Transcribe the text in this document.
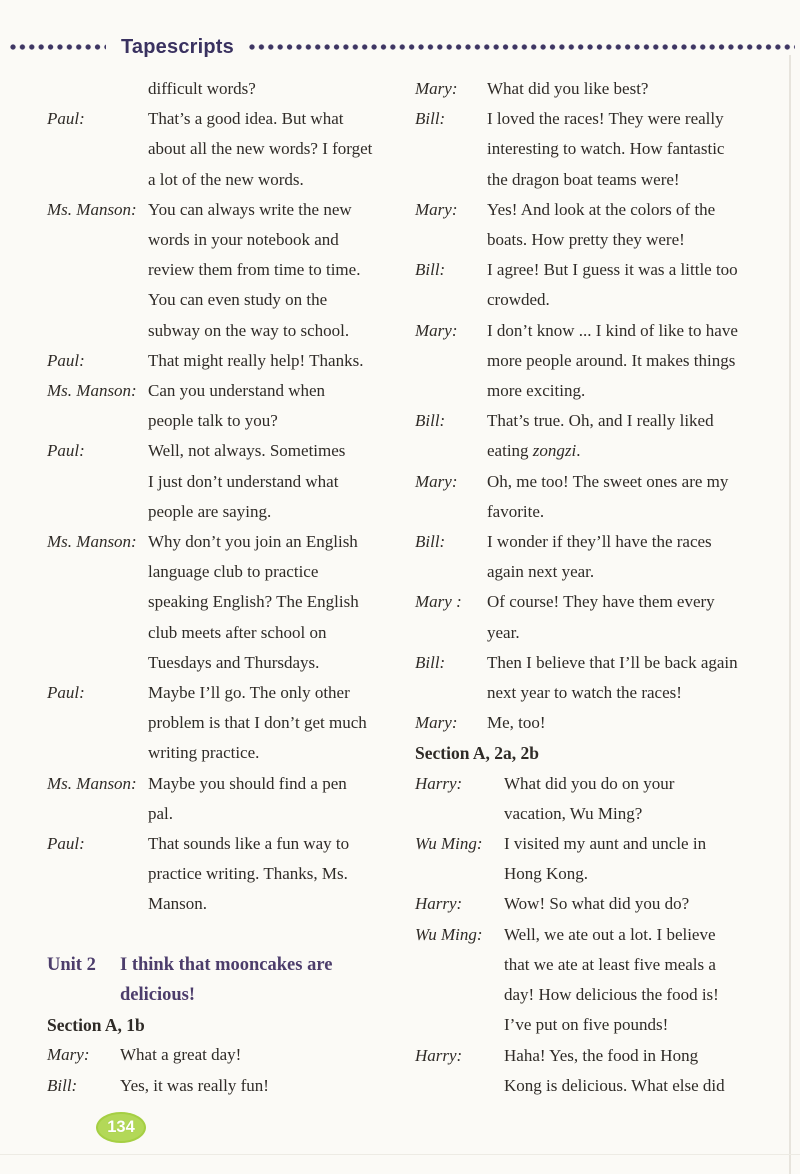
Tapescripts
difficult words?
Paul:	That’s a good idea. But what
about all the new words? I forget
a lot of the new words.
Ms. Manson: You can always write the new
words in your notebook and
review them from time to time.
You can even study on the
subway on the way to school.
Paul:	That might really help! Thanks.
Ms. Manson: Can you understand when
people talk to you?
Paul:	Well, not always. Sometimes
I just don’t understand what
people are saying.
Ms. Manson: Why don’t you join an English
language club to practice
speaking English? The English
club meets after school on
Tuesdays and Thursdays.
Paul:	Maybe I’ll go. The only other
problem is that I don’t get much
writing practice.
Ms. Manson: Maybe you should find a pen
pal.
Paul:	That sounds like a fun way to
practice writing. Thanks, Ms.
Manson.
Unit 2	I think that mooncakes are
delicious!
Section A, 1b
Mary:	What a great day!
Bill:	Yes, it was really fun!
Mary:	What did you like best?
Bill:	I loved the races! They were really
interesting to watch. How fantastic
the dragon boat teams were!
Mary:	Yes! And look at the colors of the
boats. How pretty they were!
Bill:	I agree! But I guess it was a little too
crowded.
Mary:	I don’t know ... I kind of like to have
more people around. It makes things
more exciting.
Bill:	That’s true. Oh, and I really liked
eating zongzi.
Mary:	Oh, me too! The sweet ones are my
favorite.
Bill:	I wonder if they’ll have the races
again next year.
Mary :	Of course! They have them every
year.
Bill:	Then I believe that I’ll be back again
next year to watch the races!
Mary:	Me, too!
Section A, 2a, 2b
Harry:	What did you do on your
vacation, Wu Ming?
Wu Ming:	I visited my aunt and uncle in
Hong Kong.
Harry:	Wow! So what did you do?
Wu Ming:	Well, we ate out a lot. I believe
that we ate at least five meals a
day! How delicious the food is!
I’ve put on five pounds!
Harry:	Haha! Yes, the food in Hong
Kong is delicious. What else did
134
